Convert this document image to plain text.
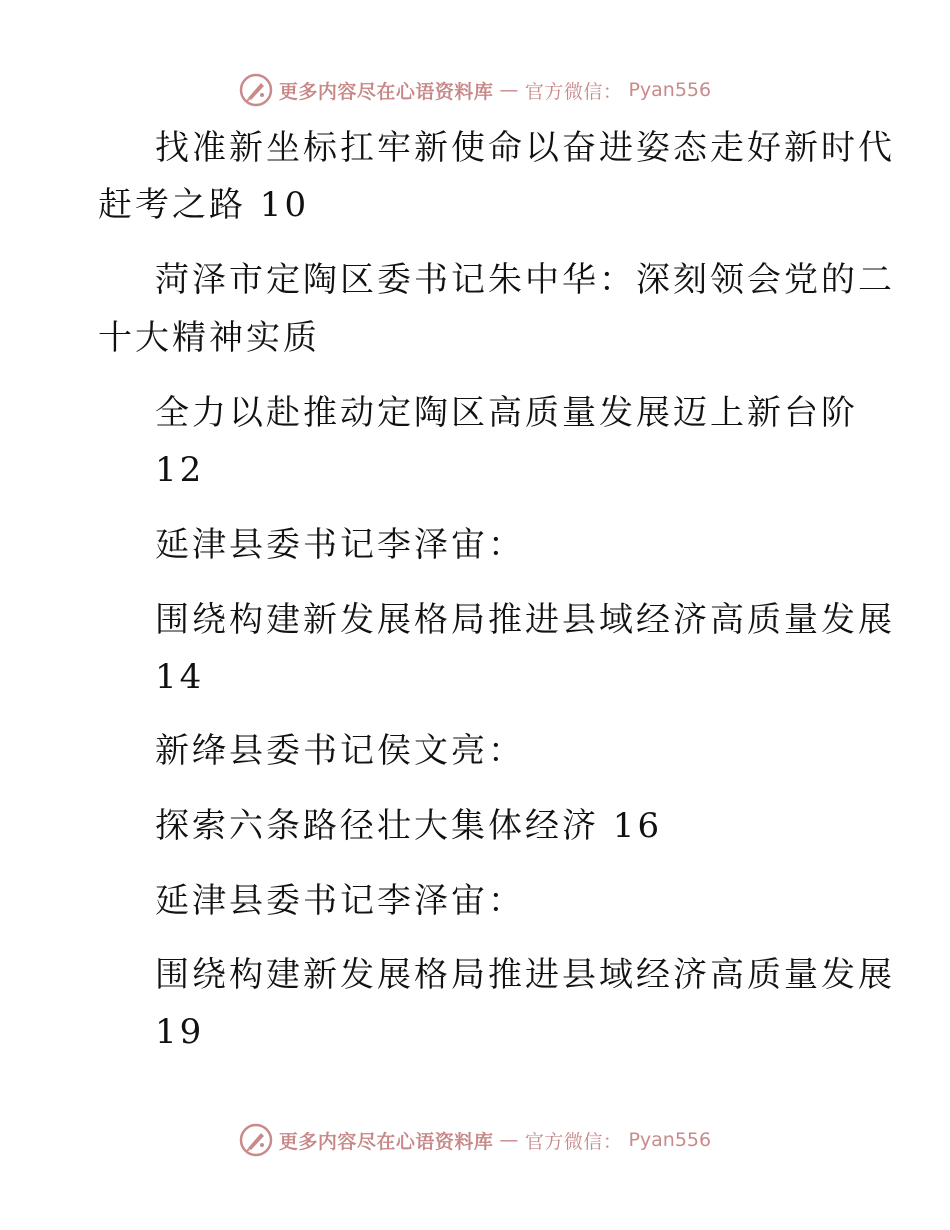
更多内容尽在心语资料库 — 官方微信： Pyan556
找准新坐标扛牢新使命以奋进姿态走好新时代
赶考之路 10
菏泽市定陶区委书记朱中华：深刻领会党的二
十大精神实质
全力以赴推动定陶区高质量发展迈上新台阶
12
延津县委书记李泽宙：
围绕构建新发展格局推进县域经济高质量发展
14
新绛县委书记侯文亮：
探索六条路径壮大集体经济 16
延津县委书记李泽宙：
围绕构建新发展格局推进县域经济高质量发展
19
更多内容尽在心语资料库 — 官方微信： Pyan556
